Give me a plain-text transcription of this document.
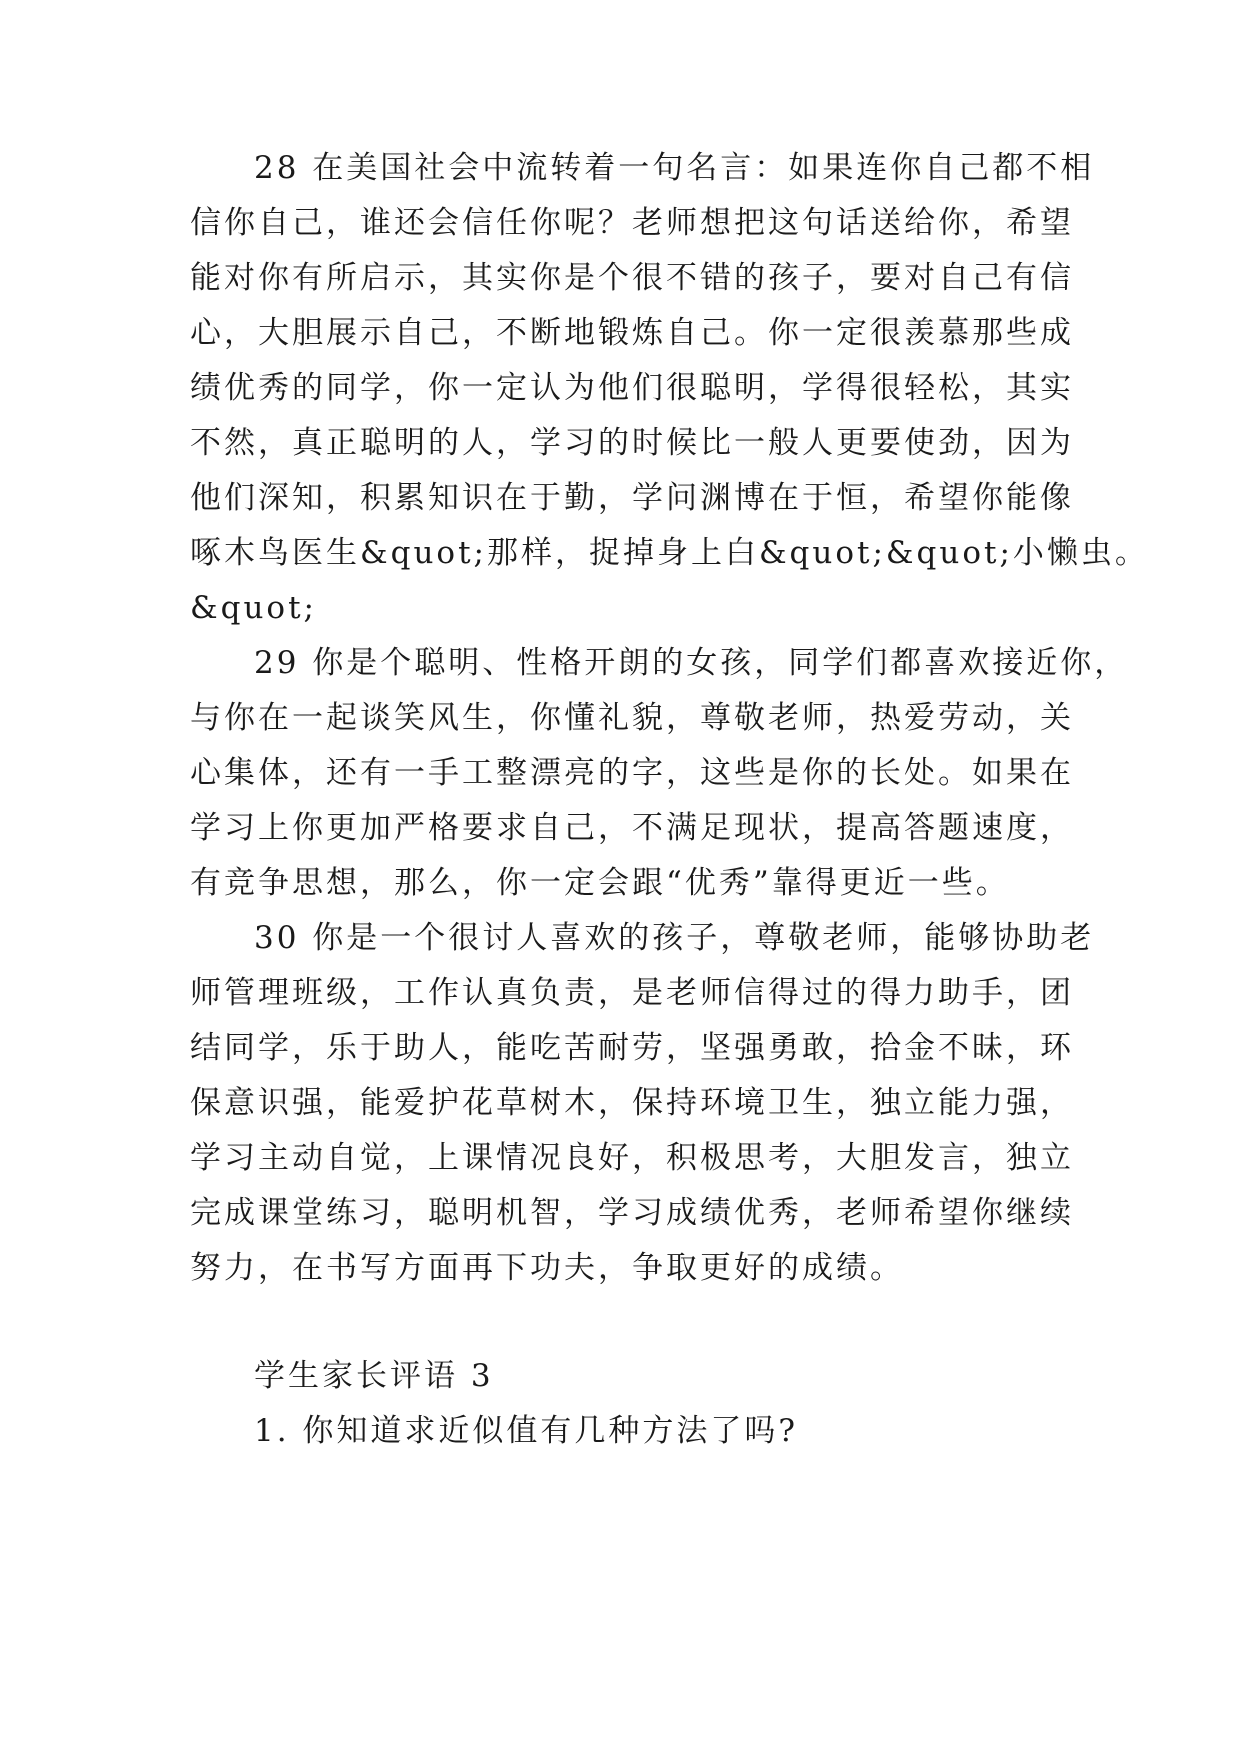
28 在美国社会中流转着一句名言：如果连你自己都不相
信你自己，谁还会信任你呢？老师想把这句话送给你，希望
能对你有所启示，其实你是个很不错的孩子，要对自己有信
心，大胆展示自己，不断地锻炼自己。你一定很羡慕那些成
绩优秀的同学，你一定认为他们很聪明，学得很轻松，其实
不然，真正聪明的人，学习的时候比一般人更要使劲，因为
他们深知，积累知识在于勤，学问渊博在于恒，希望你能像
啄木鸟医生&quot;那样，捉掉身上白&quot;&quot;小懒虫。
&quot;
29 你是个聪明、性格开朗的女孩，同学们都喜欢接近你，
与你在一起谈笑风生，你懂礼貌，尊敬老师，热爱劳动，关
心集体，还有一手工整漂亮的字，这些是你的长处。如果在
学习上你更加严格要求自己，不满足现状，提高答题速度，
有竞争思想，那么，你一定会跟“优秀”靠得更近一些。
30 你是一个很讨人喜欢的孩子，尊敬老师，能够协助老
师管理班级，工作认真负责，是老师信得过的得力助手，团
结同学，乐于助人，能吃苦耐劳，坚强勇敢，拾金不昧，环
保意识强，能爱护花草树木，保持环境卫生，独立能力强，
学习主动自觉，上课情况良好，积极思考，大胆发言，独立
完成课堂练习，聪明机智，学习成绩优秀，老师希望你继续
努力，在书写方面再下功夫，争取更好的成绩。
学生家长评语 3
1. 你知道求近似值有几种方法了吗?
